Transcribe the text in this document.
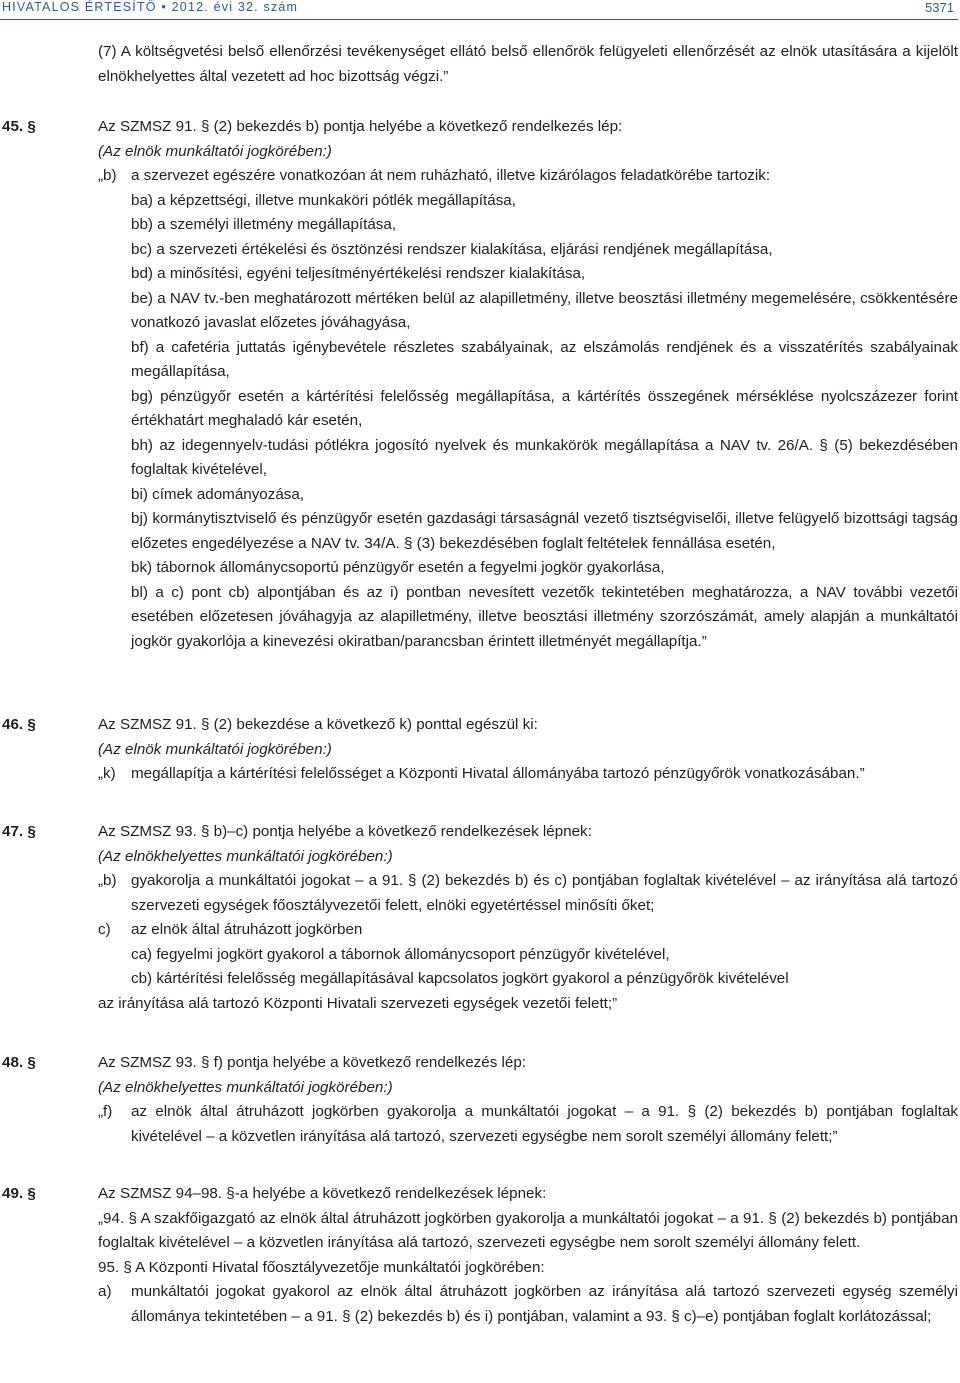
HIVATALOS ÉRTESÍTŐ • 2012. évi 32. szám	5371
(7) A költségvetési belső ellenőrzési tevékenységet ellátó belső ellenőrök felügyeleti ellenőrzését az elnök utasítására a kijelölt elnökhelyettes által vezetett ad hoc bizottság végzi.”
45. §	Az SZMSZ 91. § (2) bekezdés b) pontja helyébe a következő rendelkezés lép:

(Az elnök munkáltatói jogkörében:)

„b) a szervezet egészére vonatkozóan át nem ruházható, illetve kizárólagos feladatkörébe tartozik:

ba) a képzettségi, illetve munkaköri pótlék megállapítása,

bb) a személyi illetmény megállapítása,

bc) a szervezeti értékelési és ösztönzési rendszer kialakítása, eljárási rendjének megállapítása,

bd) a minősítési, egyéni teljesítményértékelési rendszer kialakítása,

be) a NAV tv.-ben meghatározott mértéken belül az alapilletmény, illetve beosztási illetmény megemelésére, csökkentésére vonatkozó javaslat előzetes jóváhagyása,

bf) a cafetéria juttatás igénybevétele részletes szabályainak, az elszámolás rendjének és a visszatérítés szabályainak megállapítása,

bg) pénzügyőr esetén a kártérítési felelősség megállapítása, a kártérítés összegének mérséklése nyolcszázezer forint értékhatárt meghaladó kár esetén,

bh) az idegennyelv-tudási pótlékra jogosító nyelvek és munkakörök megállapítása a NAV tv. 26/A. § (5) bekezdésében foglaltak kivételével,

bi) címek adományozása,

bj) kormánytisztviselő és pénzügyőr esetén gazdasági társaságnál vezető tisztségviselői, illetve felügyelő bizottsági tagság előzetes engedélyezése a NAV tv. 34/A. § (3) bekezdésében foglalt feltételek fennállása esetén,

bk) tábornok állománycsoportú pénzügyőr esetén a fegyelmi jogkör gyakorlása,

bl) a c) pont cb) alpontjában és az i) pontban nevesített vezetők tekintetében meghatározza, a NAV további vezetői esetében előzetesen jóváhagyja az alapilletmény, illetve beosztási illetmény szorzószámát, amely alapján a munkáltatói jogkör gyakorlója a kinevezési okiratban/parancsban érintett illetményét megállapítja.”

46. §	Az SZMSZ 91. § (2) bekezdése a következő k) ponttal egészül ki:

(Az elnök munkáltatói jogkörében:)

„k) megállapítja a kártérítési felelősséget a Központi Hivatal állományába tartozó pénzügyőrök vonatkozásában.”

47. §	Az SZMSZ 93. § b)–c) pontja helyébe a következő rendelkezések lépnek:

(Az elnökhelyettes munkáltatói jogkörében:)

„b) gyakorolja a munkáltatói jogokat – a 91. § (2) bekezdés b) és c) pontjában foglaltak kivételével – az irányítása alá tartozó szervezeti egységek főosztályvezetői felett, elnöki egyetértéssel minősíti őket;

c) az elnök által átruházott jogkörben

ca) fegyelmi jogkört gyakorol a tábornok állománycsoport pénzügyőr kivételével,

cb) kártérítési felelősség megállapításával kapcsolatos jogkört gyakorol a pénzügyőrök kivételével

az irányítása alá tartozó Központi Hivatali szervezeti egységek vezetői felett;”

48. §	Az SZMSZ 93. § f) pontja helyébe a következő rendelkezés lép:

(Az elnökhelyettes munkáltatói jogkörében:)

„f) az elnök által átruházott jogkörben gyakorolja a munkáltatói jogokat – a 91. § (2) bekezdés b) pontjában foglaltak kivételével – a közvetlen irányítása alá tartozó, szervezeti egységbe nem sorolt személyi állomány felett;”

49. §	Az SZMSZ 94–98. §-a helyébe a következő rendelkezések lépnek:

„94. § A szakfőigazgató az elnök által átruházott jogkörben gyakorolja a munkáltatói jogokat – a 91. § (2) bekezdés b) pontjában foglaltak kivételével – a közvetlen irányítása alá tartozó, szervezeti egységbe nem sorolt személyi állomány felett.

95. § A Központi Hivatal főosztályvezetője munkáltatói jogkörében:

a) munkáltatói jogokat gyakorol az elnök által átruházott jogkörben az irányítása alá tartozó szervezeti egység személyi állománya tekintetében – a 91. § (2) bekezdés b) és i) pontjában, valamint a 93. § c)–e) pontjában foglalt korlátozással;
